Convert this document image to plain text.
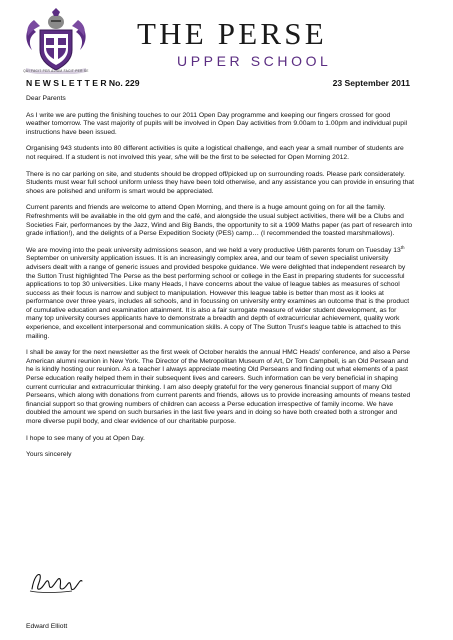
QUI FACIT PER ALIUM FACIT PER SE
THE PERSE
UPPER SCHOOL
N E W S L E T T E R No. 229	23 September 2011

Dear Parents

As I write we are putting the finishing touches to our 2011 Open Day programme and keeping our fingers crossed for good weather tomorrow. The vast majority of pupils will be involved in Open Day activities from 9.00am to 1.00pm and individual pupil instructions have been issued.

Organising 943 students into 80 different activities is quite a logistical challenge, and each year a small number of students are not required. If a student is not involved this year, s/he will be the first to be selected for Open Morning 2012.

There is no car parking on site, and students should be dropped off/picked up on surrounding roads. Please park considerately. Students must wear full school uniform unless they have been told otherwise, and any assistance you can provide in ensuring that shoes are polished and uniform is smart would be appreciated.

Current parents and friends are welcome to attend Open Morning, and there is a huge amount going on for all the family. Refreshments will be available in the old gym and the café, and alongside the usual subject activities, there will be a Clubs and Societies Fair, performances by the Jazz, Wind and Big Bands, the opportunity to sit a 1909 Maths paper (as part of research into grade inflation!), and the delights of a Perse Expedition Society (PES) camp… (I recommended the toasted marshmallows).

We are moving into the peak university admissions season, and we held a very productive U6th parents forum on Tuesday 13th September on university application issues. It is an increasingly complex area, and our team of seven specialist university advisers dealt with a range of generic issues and provided bespoke guidance. We were delighted that independent research by the Sutton Trust highlighted The Perse as the best performing school or college in the East in preparing students for successful applications to top 30 universities. Like many Heads, I have concerns about the value of league tables as measures of school success as their focus is narrow and subject to manipulation. However this league table is better than most as it looks at performance over three years, includes all schools, and in focussing on university entry examines an outcome that is the product of cumulative education and examination attainment. It is also a fair surrogate measure of wider student development, as for many top university courses applicants have to demonstrate a breadth and depth of extracurricular achievement, quality work experience, and excellent interpersonal and communication skills. A copy of The Sutton Trust's league table is attached to this mailing.

I shall be away for the next newsletter as the first week of October heralds the annual HMC Heads' conference, and also a Perse American alumni reunion in New York. The Director of the Metropolitan Museum of Art, Dr Tom Campbell, is an Old Persean and he is kindly hosting our reunion. As a teacher I always appreciate meeting Old Perseans and finding out what elements of a past Perse education really helped them in their subsequent lives and careers. Such information can be very beneficial in shaping current curricular and extracurricular thinking. I am also deeply grateful for the very generous financial support of many Old Perseans, which along with donations from current parents and friends, allows us to provide increasing amounts of means tested financial support so that growing numbers of children can access a Perse education irrespective of family income. We have doubled the amount we spend on such bursaries in the last five years and in doing so have both created both a stronger and more diverse pupil body, and clear evidence of our charitable purpose.

I hope to see many of you at Open Day.

Yours sincerely

Edward Elliott
